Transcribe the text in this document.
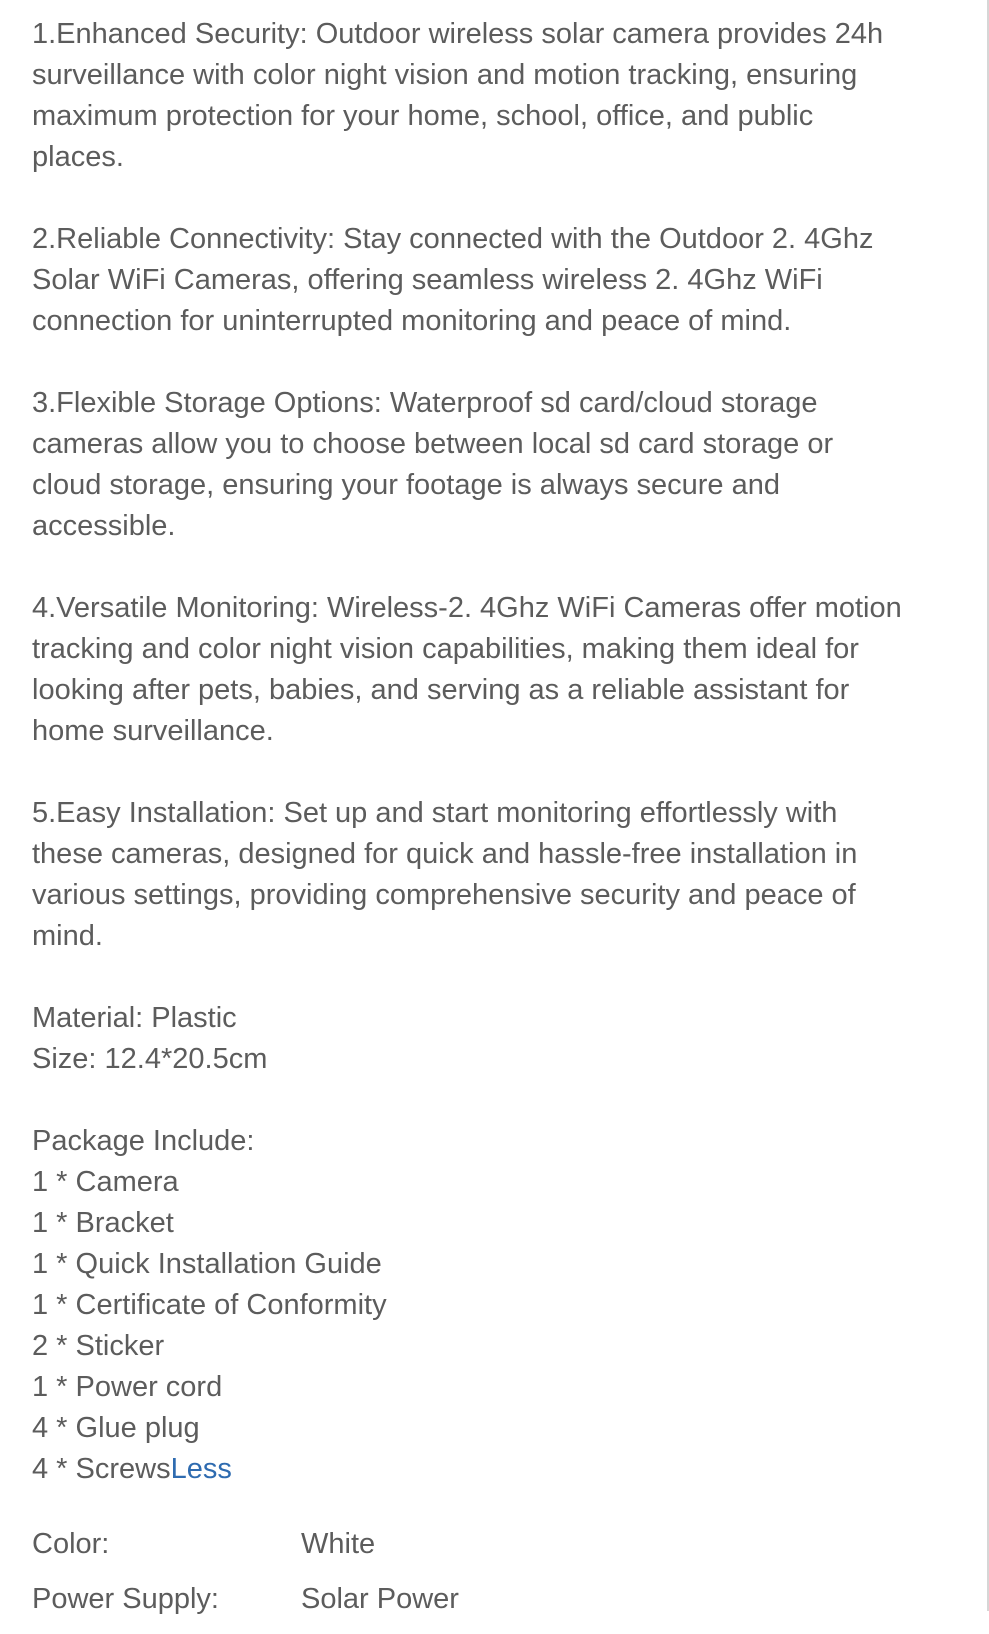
1.Enhanced Security: Outdoor wireless solar camera provides 24h
surveillance with color night vision and motion tracking, ensuring
maximum protection for your home, school, office, and public
places.
2.Reliable Connectivity: Stay connected with the Outdoor 2. 4Ghz
Solar WiFi Cameras, offering seamless wireless 2. 4Ghz WiFi
connection for uninterrupted monitoring and peace of mind.
3.Flexible Storage Options: Waterproof sd card/cloud storage
cameras allow you to choose between local sd card storage or
cloud storage, ensuring your footage is always secure and
accessible.
4.Versatile Monitoring: Wireless-2. 4Ghz WiFi Cameras offer motion
tracking and color night vision capabilities, making them ideal for
looking after pets, babies, and serving as a reliable assistant for
home surveillance.
5.Easy Installation: Set up and start monitoring effortlessly with
these cameras, designed for quick and hassle-free installation in
various settings, providing comprehensive security and peace of
mind.
Material: Plastic
Size: 12.4*20.5cm
Package Include:
1 * Camera
1 * Bracket
1 * Quick Installation Guide
1 * Certificate of Conformity
2 * Sticker
1 * Power cord
4 * Glue plug
4 * ScrewsLess
Color:	White
Power Supply:	Solar Power
